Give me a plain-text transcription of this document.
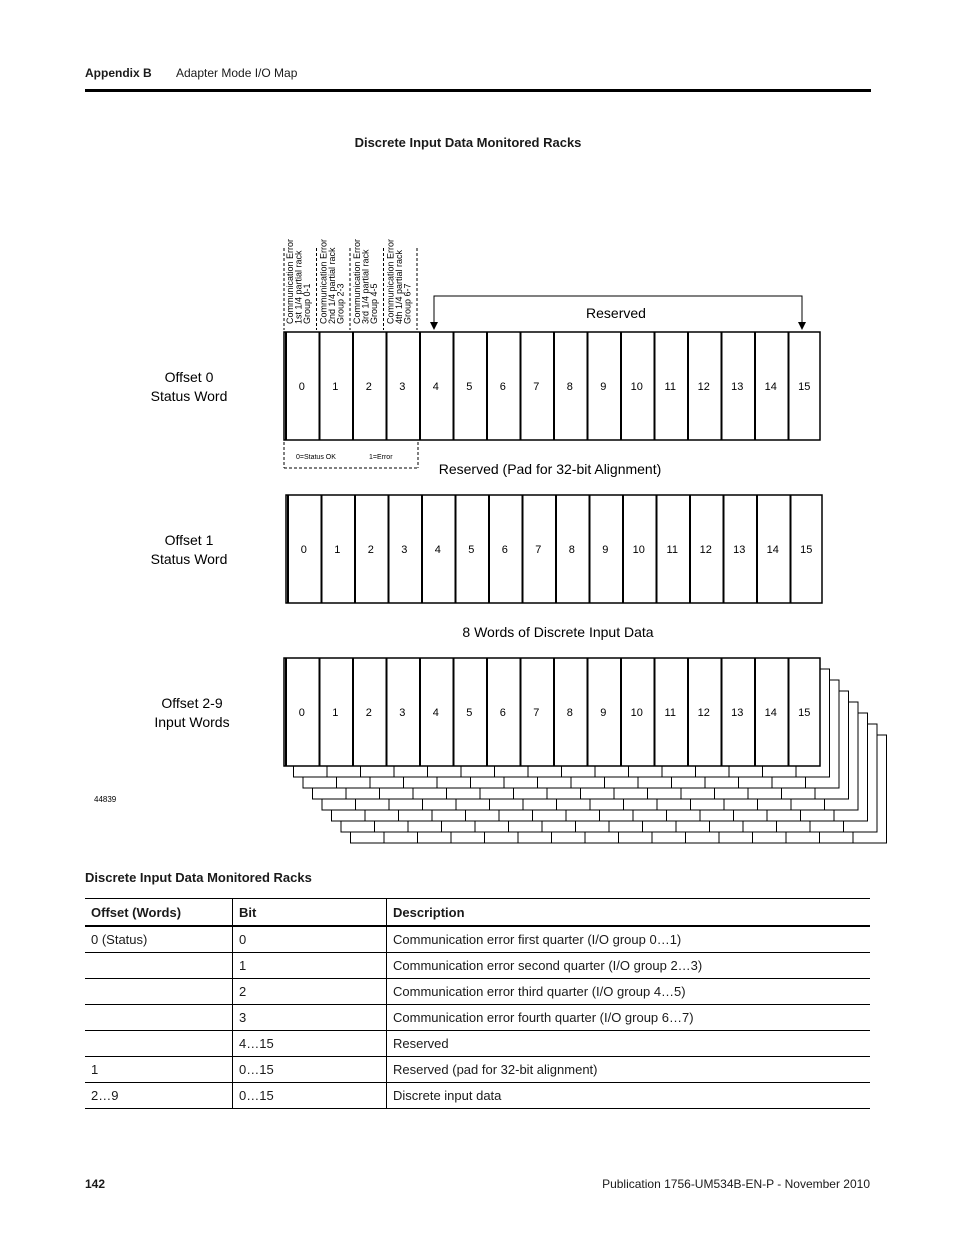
Appendix B Adapter Mode I/O Map
Discrete Input Data Monitored Racks
Communication Error
1st 1/4 partial rack
Group 0-1 Communication Error
2nd 1/4 partial rack
Group 2-3 Communication Error
3rd 1/4 partial rack
Group 4-5 Communication Error
4th 1/4 partial rack
Group 6-7	Reserved
0 1 2 3 4 5 6 7 8 9 10 11 12 13 14 15
Offset 0
Status Word
0 1 2 3 4 5 6 7 8 9 10 11 12 13 14 15
Offset 1
Status Word
0 1 2 3 4 5 6 7 8 9 10 11 12 13 14 15
Offset 2-9
Input Words
0=Status OK	1=Error
Reserved (Pad for 32-bit Alignment)
8 Words of Discrete Input Data
44839
Discrete Input Data Monitored Racks
Offset (Words)	Bit	Description
0 (Status)	0	Communication error first quarter (I/O group 0…1)
	1	Communication error second quarter (I/O group 2…3)
	2	Communication error third quarter (I/O group 4…5)
	3	Communication error fourth quarter (I/O group 6…7)
	4…15	Reserved
1	0…15	Reserved (pad for 32-bit alignment)
2…9	0…15	Discrete input data
142	Publication 1756-UM534B-EN-P - November 2010
